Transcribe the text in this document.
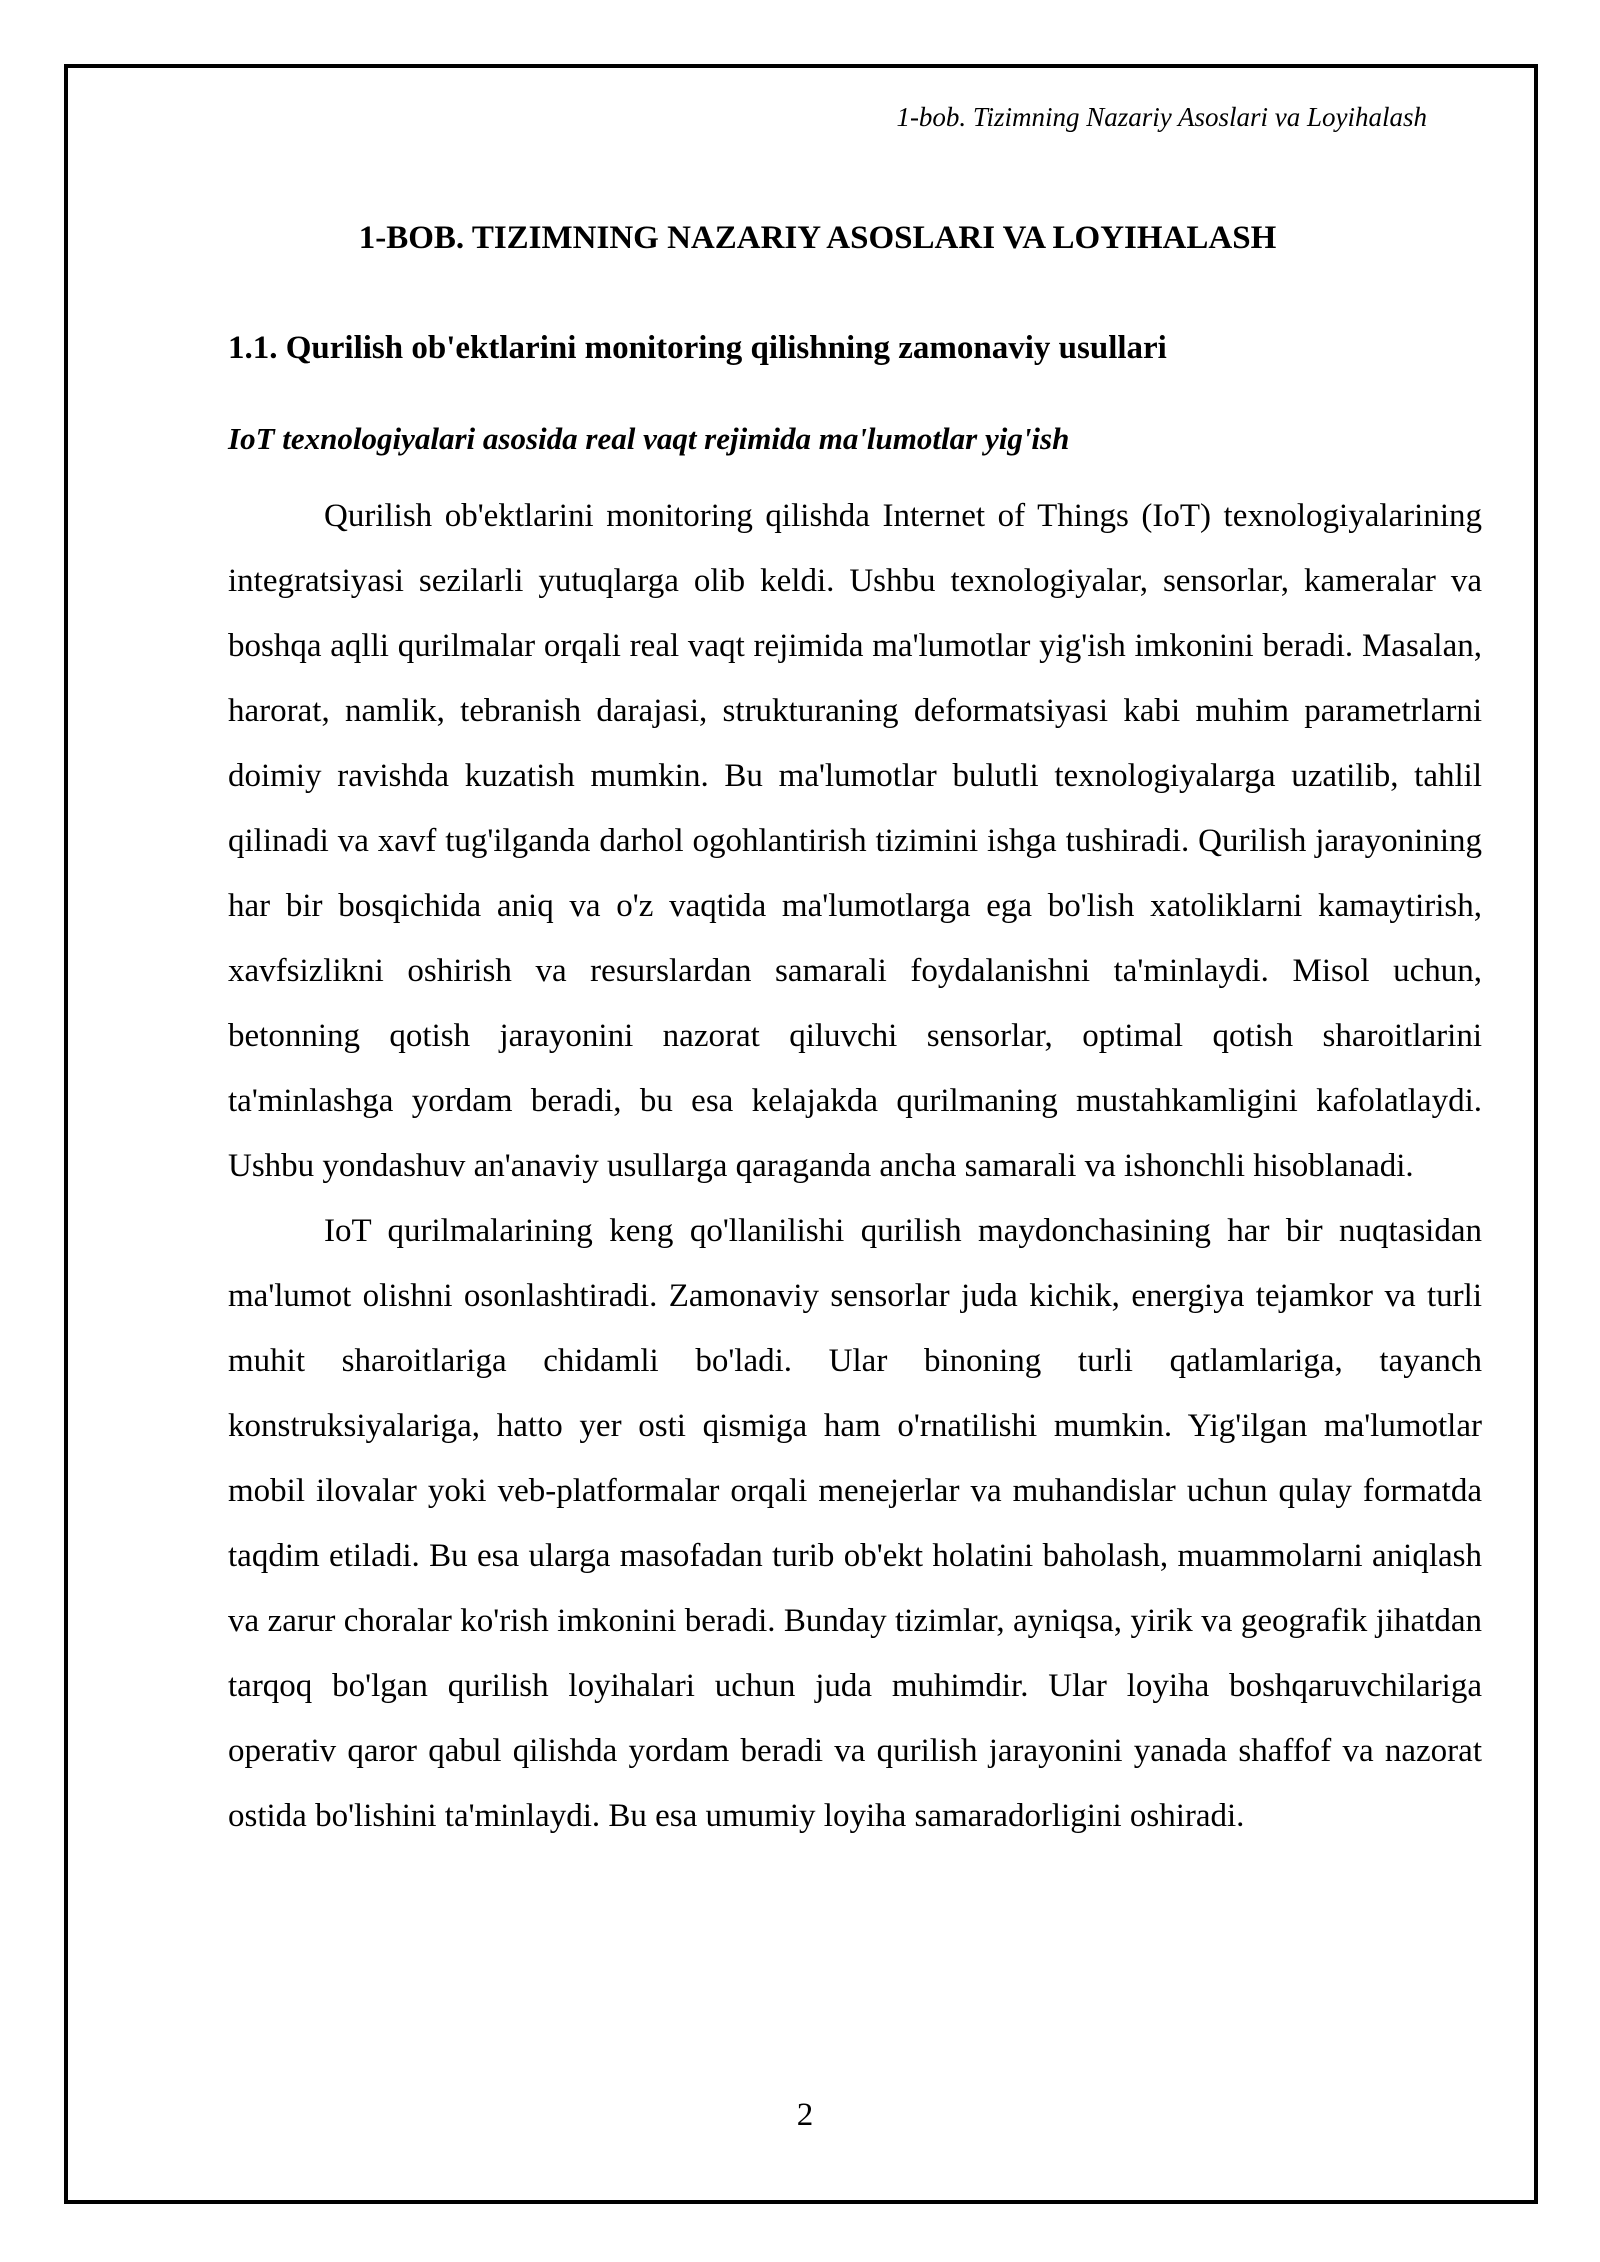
1-bob. Tizimning Nazariy Asoslari va Loyihalash
1-BOB. TIZIMNING NAZARIY ASOSLARI VA LOYIHALASH
1.1. Qurilish ob'ektlarini monitoring qilishning zamonaviy usullari
IoT texnologiyalari asosida real vaqt rejimida ma'lumotlar yig'ish

Qurilish ob'ektlarini monitoring qilishda Internet of Things (IoT) texnologiyalarining integratsiyasi sezilarli yutuqlarga olib keldi. Ushbu texnologiyalar, sensorlar, kameralar va boshqa aqlli qurilmalar orqali real vaqt rejimida ma'lumotlar yig'ish imkonini beradi. Masalan, harorat, namlik, tebranish darajasi, strukturaning deformatsiyasi kabi muhim parametrlarni doimiy ravishda kuzatish mumkin. Bu ma'lumotlar bulutli texnologiyalarga uzatilib, tahlil qilinadi va xavf tug'ilganda darhol ogohlantirish tizimini ishga tushiradi. Qurilish jarayonining har bir bosqichida aniq va o'z vaqtida ma'lumotlarga ega bo'lish xatoliklarni kamaytirish, xavfsizlikni oshirish va resurslardan samarali foydalanishni ta'minlaydi. Misol uchun, betonning qotish jarayonini nazorat qiluvchi sensorlar, optimal qotish sharoitlarini ta'minlashga yordam beradi, bu esa kelajakda qurilmaning mustahkamligini kafolatlaydi. Ushbu yondashuv an'anaviy usullarga qaraganda ancha samarali va ishonchli hisoblanadi.

IoT qurilmalarining keng qo'llanilishi qurilish maydonchasining har bir nuqtasidan ma'lumot olishni osonlashtiradi. Zamonaviy sensorlar juda kichik, energiya tejamkor va turli muhit sharoitlariga chidamli bo'ladi. Ular binoning turli qatlamlariga, tayanch konstruksiyalariga, hatto yer osti qismiga ham o'rnatilishi mumkin. Yig'ilgan ma'lumotlar mobil ilovalar yoki veb-platformalar orqali menejerlar va muhandislar uchun qulay formatda taqdim etiladi. Bu esa ularga masofadan turib ob'ekt holatini baholash, muammolarni aniqlash va zarur choralar ko'rish imkonini beradi. Bunday tizimlar, ayniqsa, yirik va geografik jihatdan tarqoq bo'lgan qurilish loyihalari uchun juda muhimdir. Ular loyiha boshqaruvchilariga operativ qaror qabul qilishda yordam beradi va qurilish jarayonini yanada shaffof va nazorat ostida bo'lishini ta'minlaydi. Bu esa umumiy loyiha samaradorligini oshiradi.

2
